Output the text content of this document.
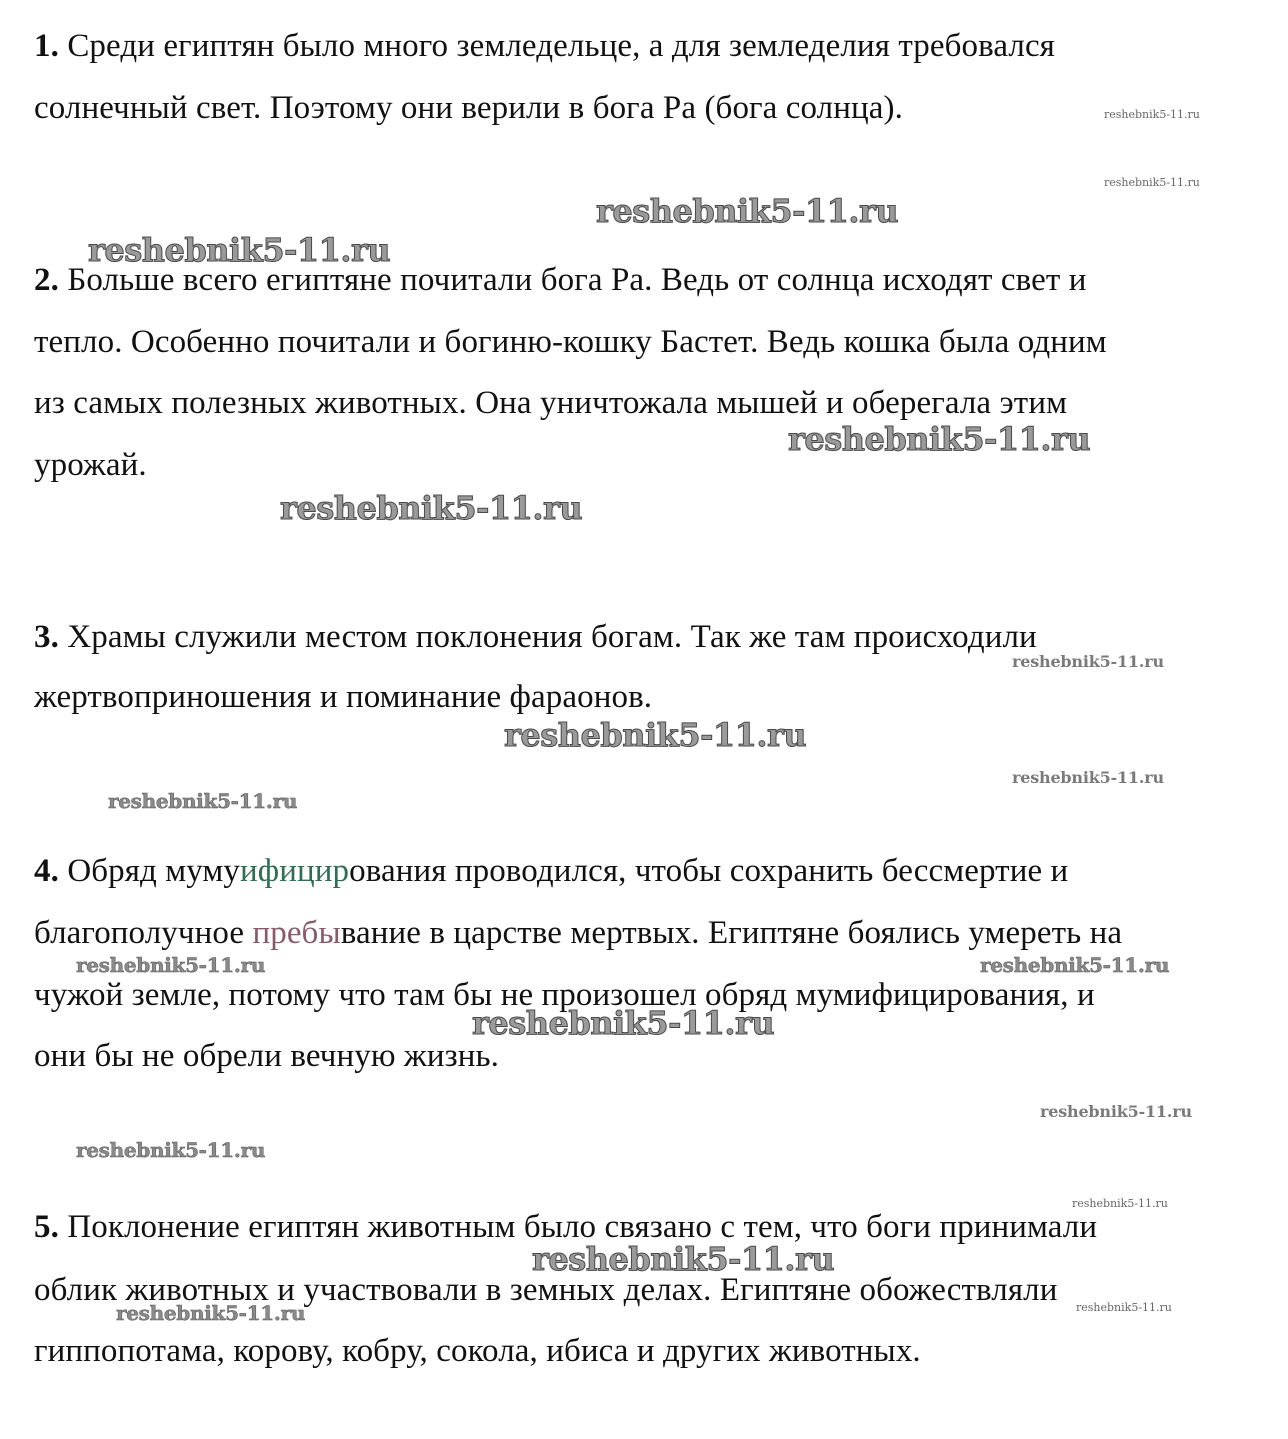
reshebnik5-11.ru
reshebnik5-11.ru
reshebnik5-11.ru
reshebnik5-11.ru
reshebnik5-11.ru
reshebnik5-11.ru
reshebnik5-11.ru
reshebnik5-11.ru
reshebnik5-11.ru
reshebnik5-11.ru
reshebnik5-11.ru	reshebnik5-11.ru
reshebnik5-11.ru
reshebnik5-11.ru
reshebnik5-11.ru
reshebnik5-11.ru
reshebnik5-11.ru
reshebnik5-11.ru	reshebnik5-11.ru
1. Среди египтян было много земледельце, а для земледелия требовался
солнечный свет. Поэтому они верили в бога Ра (бога солнца).
2. Больше всего египтяне почитали бога Ра. Ведь от солнца исходят свет и
тепло. Особенно почитали и богиню-кошку Бастет. Ведь кошка была одним
из самых полезных животных. Она уничтожала мышей и оберегала этим
урожай.
3. Храмы служили местом поклонения богам. Так же там происходили
жертвоприношения и поминание фараонов.
4. Обряд мумуифицирования проводился, чтобы сохранить бессмертие и
благополучное пребывание в царстве мертвых. Египтяне боялись умереть на
чужой земле, потому что там бы не произошел обряд мумифицирования, и
они бы не обрели вечную жизнь.
5. Поклонение египтян животным было связано с тем, что боги принимали
облик животных и участвовали в земных делах. Египтяне обожествляли
гиппопотама, корову, кобру, сокола, ибиса и других животных.
